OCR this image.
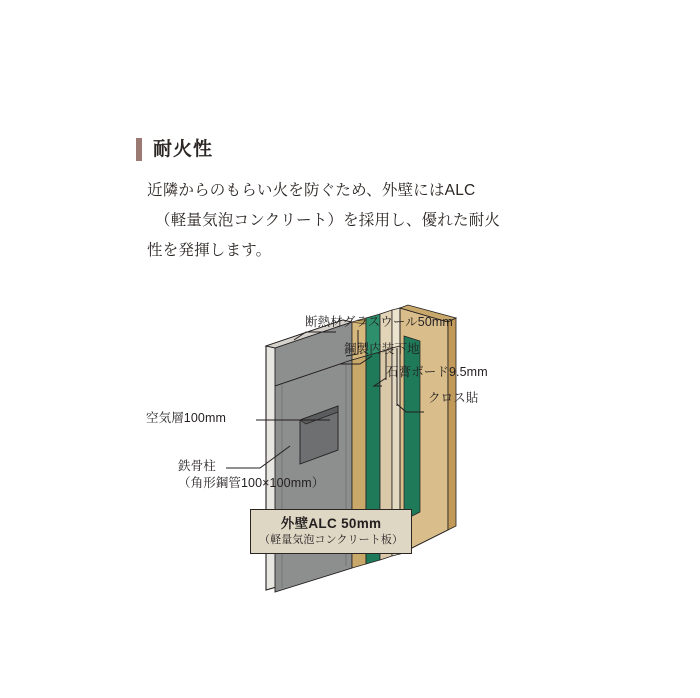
耐火性
近隣からのもらい火を防ぐため、外壁にはALC
（軽量気泡コンクリート）を採用し、優れた耐火
性を発揮します。
断熱材グラスウール50mm
鋼製内装下地
石膏ボード9.5mm
クロス貼
空気層100mm
鉄骨柱
（角形鋼管100×100mm）
外壁ALC 50mm
（軽量気泡コンクリート板）
